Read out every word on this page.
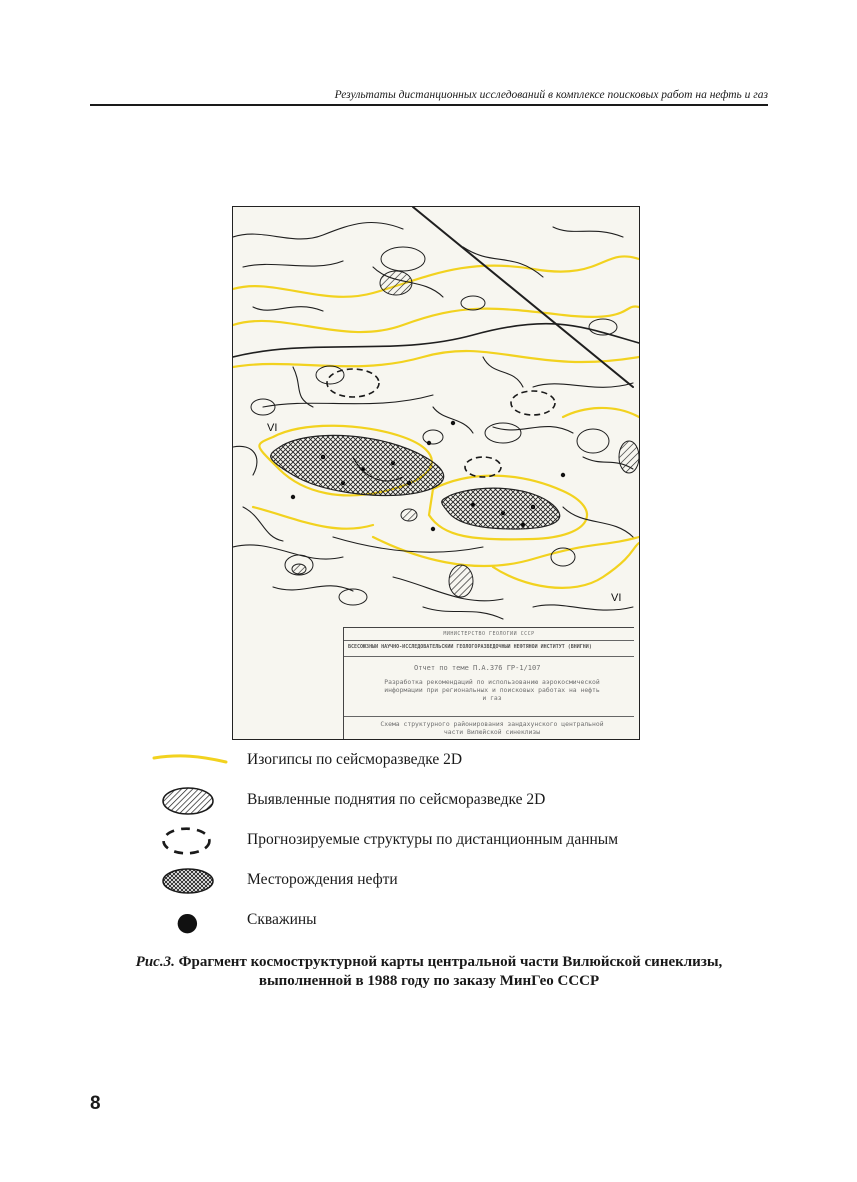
Результаты дистанционных исследований в комплексе поисковых работ на нефть и газ
VI
VI
МИНИСТЕРСТВО ГЕОЛОГИИ СССР
ВСЕСОЮЗНЫЙ НАУЧНО-ИССЛЕДОВАТЕЛЬСКИЙ ГЕОЛОГОРАЗВЕДОЧНЫЙ НЕФТЯНОЙ ИНСТИТУТ (ВНИГНИ)
Отчет по теме П.А.376 ГР-1/107
Разработка рекомендаций по использованию аэрокосмической
информации при региональных и поисковых работах на нефть
и газ
Схема структурного районирования зандахунского центральной
части Вилюйской синеклизы
Изогипсы по сейсморазведке 2D
Выявленные поднятия по сейсморазведке 2D
Прогнозируемые структуры по дистанционным данным
Месторождения нефти
Скважины
Рис.3. Фрагмент космоструктурной карты центральной части Вилюйской синеклизы, выполненной в 1988 году по заказу МинГео СССР
8
